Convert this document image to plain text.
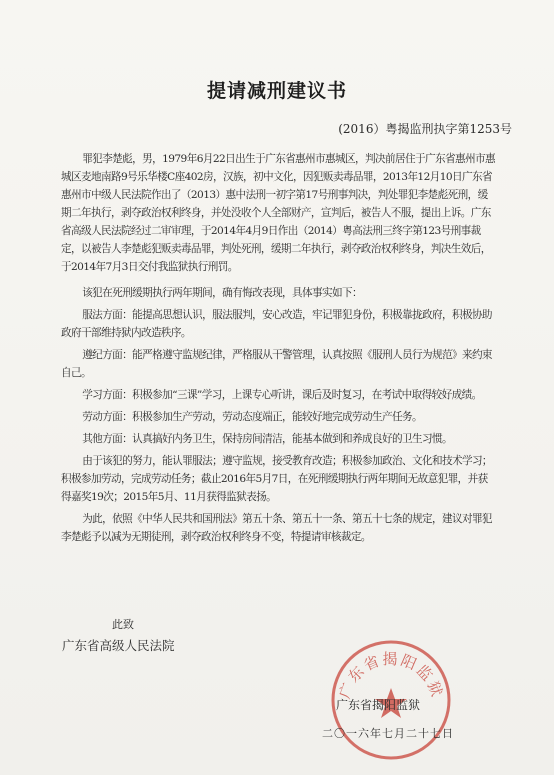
提请减刑建议书
(2016）粤揭监刑执字第1253号

罪犯李楚彪，男，1979年6月22日出生于广东省惠州市惠城区，判决前居住于广东省惠州市惠城区麦地南路9号乐华楼C座402房，汉族，初中文化，因犯贩卖毒品罪，2013年12月10日广东省惠州市中级人民法院作出了（2013）惠中法刑一初字第17号刑事判决，判处罪犯李楚彪死刑，缓期二年执行，剥夺政治权利终身，并处没收个人全部财产，宣判后，被告人不服，提出上诉。广东省高级人民法院经过二审审理，于2014年4月9日作出（2014）粤高法刑三终字第123号刑事裁定，以被告人李楚彪犯贩卖毒品罪，判处死刑，缓期二年执行，剥夺政治权利终身，判决生效后，于2014年7月3日交付我监狱执行刑罚。

该犯在死刑缓期执行两年期间，确有悔改表现，具体事实如下：

服法方面：能提高思想认识，服法服判，安心改造，牢记罪犯身份，积极靠拢政府，积极协助政府干部维持狱内改造秩序。

遵纪方面：能严格遵守监规纪律，严格服从干警管理，认真按照《服刑人员行为规范》来约束自己。

学习方面：积极参加“三课”学习，上课专心听讲，课后及时复习，在考试中取得较好成绩。

劳动方面：积极参加生产劳动，劳动态度端正，能较好地完成劳动生产任务。

其他方面：认真搞好内务卫生，保持房间清洁，能基本做到和养成良好的卫生习惯。

由于该犯的努力，能认罪服法；遵守监规，接受教育改造；积极参加政治、文化和技术学习；积极参加劳动，完成劳动任务；截止2016年5月7日，在死刑缓期执行两年期间无故意犯罪，并获得嘉奖19次；2015年5月、11月获得监狱表扬。

为此，依照《中华人民共和国刑法》第五十条、第五十一条、第五十七条的规定，建议对罪犯李楚彪予以减为无期徒刑，剥夺政治权利终身不变，特提请审核裁定。

此致
广东省高级人民法院
广东省揭阳监狱
广东省揭阳监狱
二〇一六年七月二十七日
